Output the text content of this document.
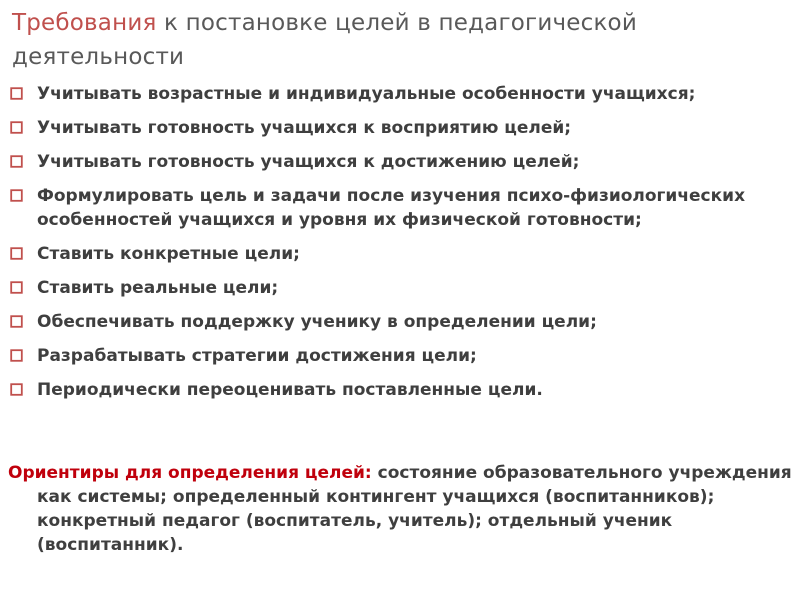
Требования к постановке целей в педагогической деятельности
Учитывать возрастные и индивидуальные особенности учащихся;
Учитывать готовность учащихся к восприятию целей;
Учитывать готовность учащихся к достижению целей;
Формулировать цель и задачи после изучения психо-физиологических особенностей учащихся и уровня их физической готовности;
Ставить конкретные цели;
Ставить реальные цели;
Обеспечивать поддержку ученику в определении цели;
Разрабатывать стратегии достижения цели;
Периодически переоценивать поставленные цели.
Ориентиры для определения целей: состояние образовательного учреждения как системы; определенный контингент учащихся (воспитанников); конкретный педагог (воспитатель, учитель); отдельный ученик (воспитанник).
